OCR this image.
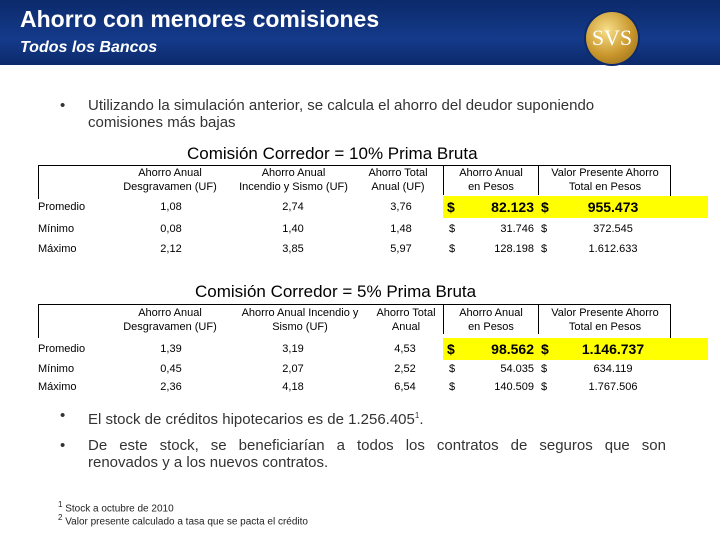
Ahorro con menores comisiones
Todos los Bancos	SVS
• Utilizando la simulación anterior, se calcula el ahorro del deudor suponiendo
comisiones más bajas
Comisión Corredor = 10% Prima Bruta
Ahorro Anual
Desgravamen (UF)
Ahorro Anual
Incendio y Sismo (UF)
Ahorro Total
Anual (UF)
Ahorro Anual
en Pesos
Valor Presente Ahorro
Total en Pesos
Promedio	1,08	2,74	3,76	$	82.123 $	955.473
Mínimo	0,08	1,40	1,48	$	31.746 $	372.545
Máximo	2,12	3,85	5,97	$	128.198 $	1.612.633
Comisión Corredor = 5% Prima Bruta
Ahorro Anual
Desgravamen (UF)
Ahorro Anual Incendio y
Sismo (UF)
Ahorro Total
Anual
Ahorro Anual
en Pesos
Valor Presente Ahorro
Total en Pesos
Promedio	1,39	3,19	4,53	$	98.562 $	1.146.737
Mínimo	0,45	2,07	2,52	$	54.035 $	634.119
Máximo	2,36	4,18	6,54	$	140.509 $	1.767.506
• El stock de créditos hipotecarios es de 1.256.405$^1$.
• De este stock, se beneficiarían a todos los contratos de seguros que son
renovados y a los nuevos contratos.
$^1$ Stock a octubre de 2010
$^2$ Valor presente calculado a tasa que se pacta el crédito
